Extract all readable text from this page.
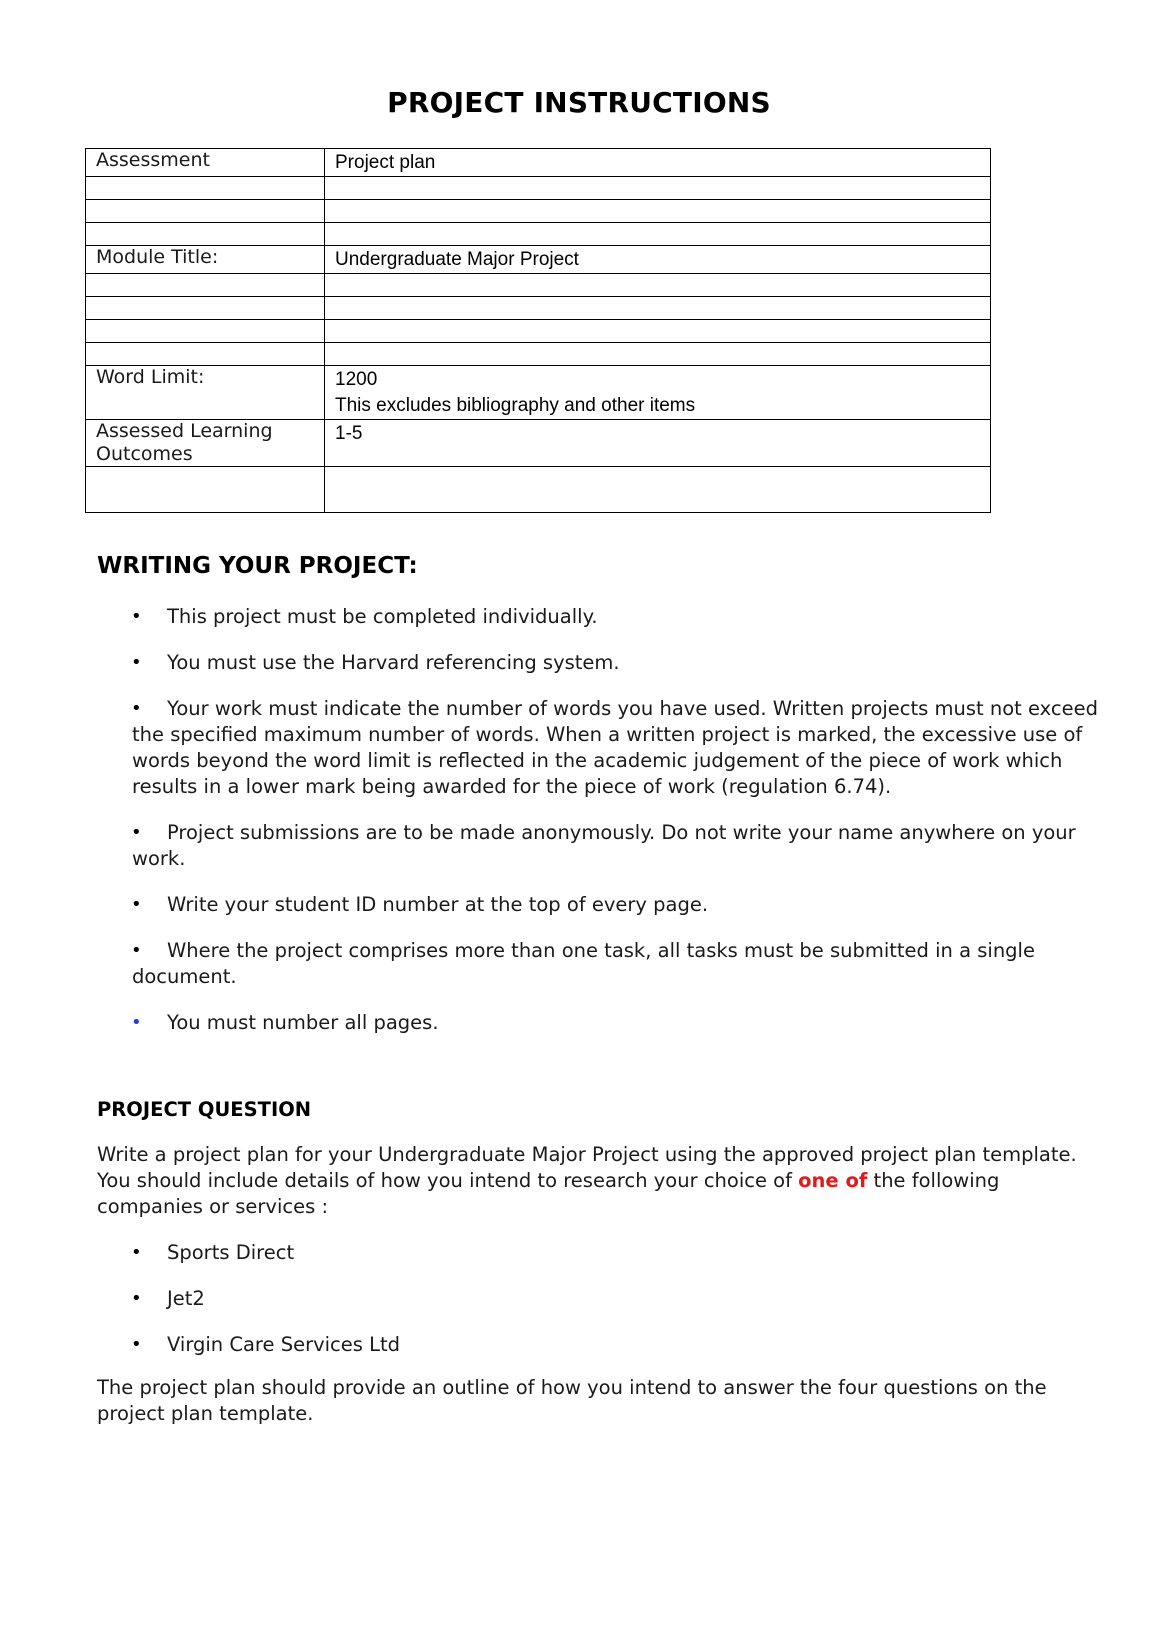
PROJECT INSTRUCTIONS
Assessment	Project plan

Module Title:	Undergraduate Major Project

Word Limit:	1200
This excludes bibliography and other items

Assessed Learning Outcomes	1-5

WRITING YOUR PROJECT:
• This project must be completed individually.
• You must use the Harvard referencing system.
• Your work must indicate the number of words you have used. Written projects must not exceed the specified maximum number of words. When a written project is marked, the excessive use of words beyond the word limit is reflected in the academic judgement of the piece of work which results in a lower mark being awarded for the piece of work (regulation 6.74).
• Project submissions are to be made anonymously. Do not write your name anywhere on your work.
• Write your student ID number at the top of every page.
• Where the project comprises more than one task, all tasks must be submitted in a single document.
• You must number all pages.
PROJECT QUESTION
Write a project plan for your Undergraduate Major Project using the approved project plan template. You should include details of how you intend to research your choice of one of the following companies or services :
• Sports Direct
• Jet2
• Virgin Care Services Ltd
The project plan should provide an outline of how you intend to answer the four questions on the project plan template.
